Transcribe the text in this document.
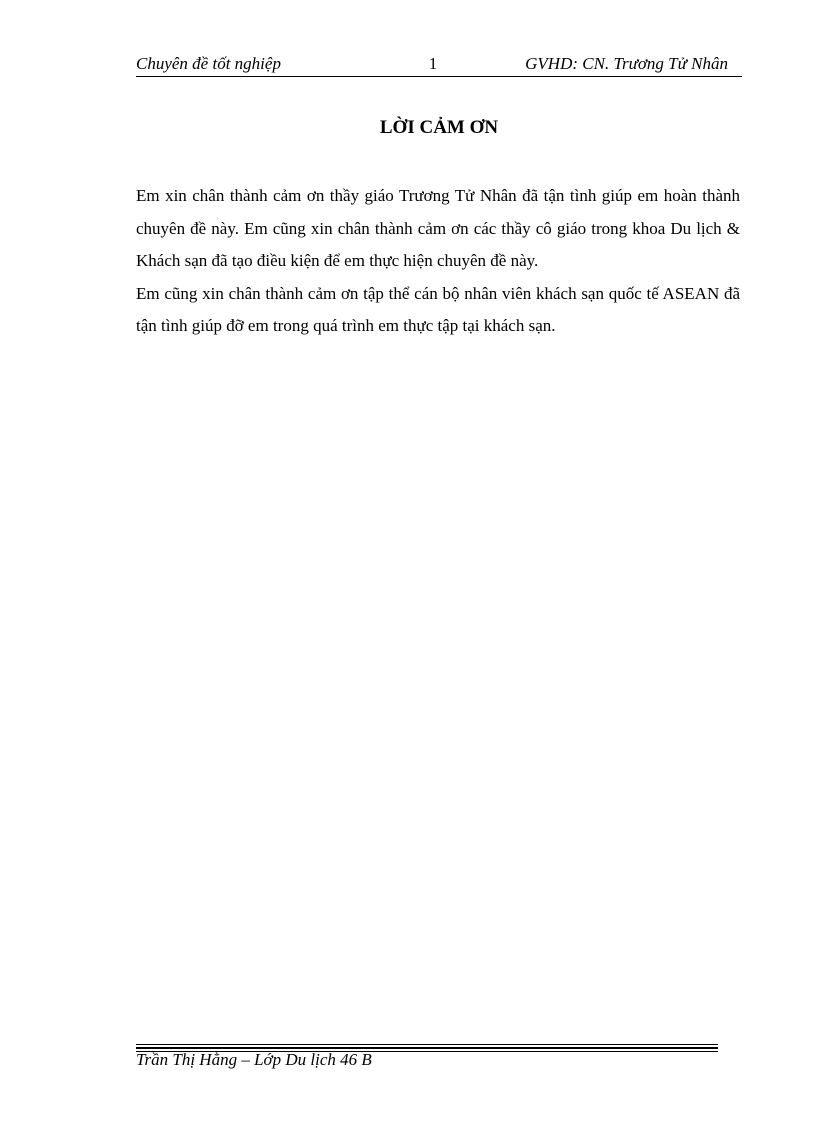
Chuyên đề tốt nghiệp	1	GVHD: CN. Trương Tử Nhân
LỜI CẢM ƠN

Em xin chân thành cảm ơn thầy giáo Trương Tử Nhân đã tận tình giúp em hoàn thành chuyên đề này. Em cũng xin chân thành cảm ơn các thầy cô giáo trong khoa Du lịch & Khách sạn đã tạo điều kiện để em thực hiện chuyên đề này.

Em cũng xin chân thành cảm ơn tập thể cán bộ nhân viên khách sạn quốc tế ASEAN đã tận tình giúp đỡ em trong quá trình em thực tập tại khách sạn.

Trần Thị Hằng – Lớp Du lịch 46 B
